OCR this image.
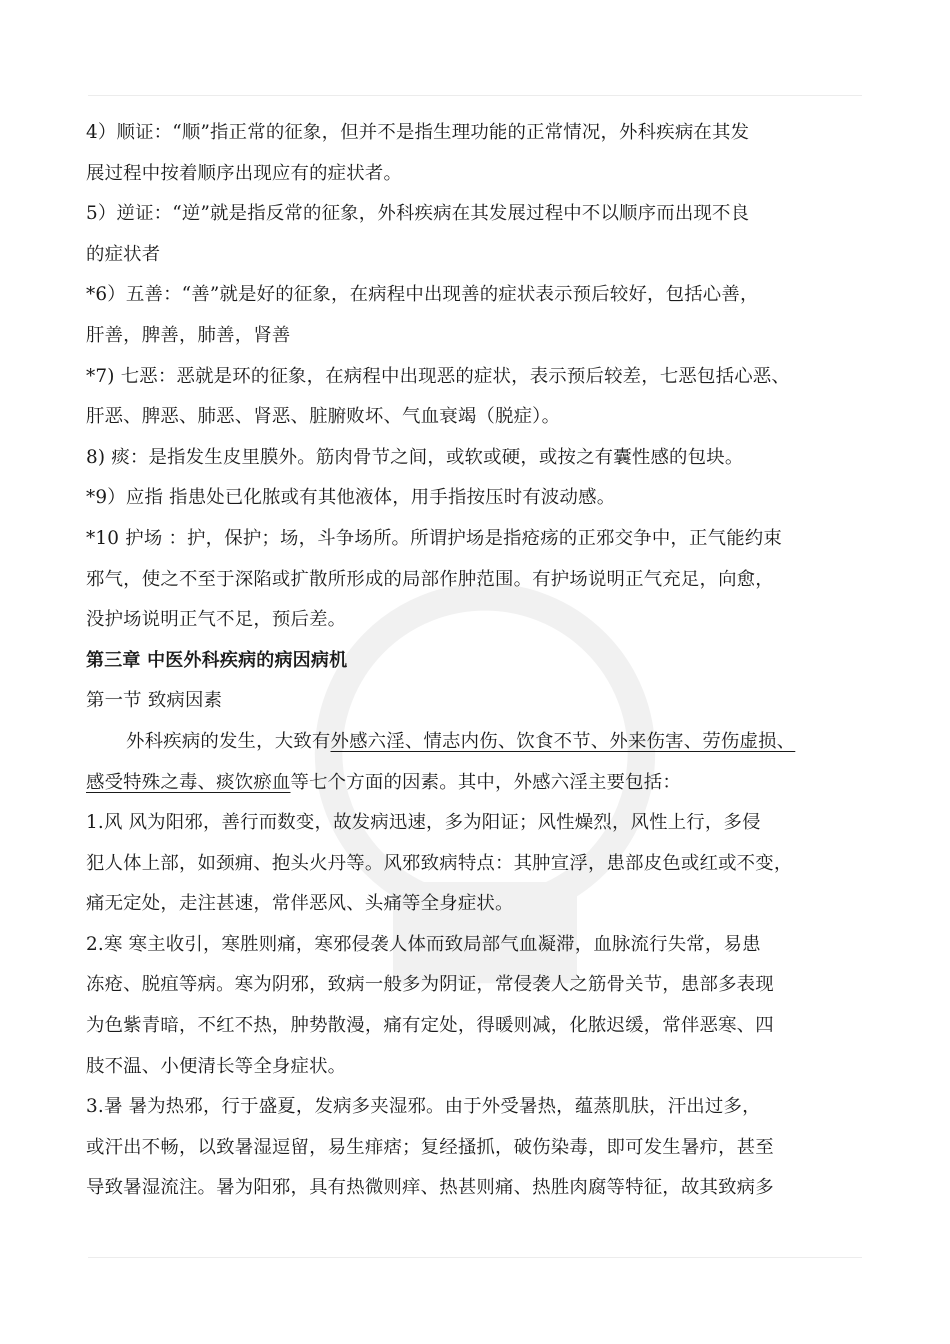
4）顺证：“顺”指正常的征象，但并不是指生理功能的正常情况，外科疾病在其发
展过程中按着顺序出现应有的症状者。
5）逆证：“逆”就是指反常的征象，外科疾病在其发展过程中不以顺序而出现不良
的症状者
*6）五善：“善”就是好的征象，在病程中出现善的症状表示预后较好，包括心善，
肝善，脾善，肺善，肾善
*7) 七恶：恶就是环的征象，在病程中出现恶的症状，表示预后较差，七恶包括心恶、
肝恶、脾恶、肺恶、肾恶、脏腑败坏、气血衰竭（脱症）。
8) 痰：是指发生皮里膜外。筋肉骨节之间，或软或硬，或按之有囊性感的包块。
*9）应指 指患处已化脓或有其他液体，用手指按压时有波动感。
*10 护场 ：护，保护；场，斗争场所。所谓护场是指疮疡的正邪交争中，正气能约束
邪气，使之不至于深陷或扩散所形成的局部作肿范围。有护场说明正气充足，向愈，
没护场说明正气不足，预后差。
第三章 中医外科疾病的病因病机
第一节 致病因素
外科疾病的发生，大致有外感六淫、情志内伤、饮食不节、外来伤害、劳伤虚损、
感受特殊之毒、痰饮瘀血等七个方面的因素。其中，外感六淫主要包括：
1.风 风为阳邪，善行而数变，故发病迅速，多为阳证；风性燥烈，风性上行，多侵
犯人体上部，如颈痈、抱头火丹等。风邪致病特点：其肿宣浮，患部皮色或红或不变，
痛无定处，走注甚速，常伴恶风、头痛等全身症状。
2.寒 寒主收引，寒胜则痛，寒邪侵袭人体而致局部气血凝滞，血脉流行失常，易患
冻疮、脱疽等病。寒为阴邪，致病一般多为阴证，常侵袭人之筋骨关节，患部多表现
为色紫青暗，不红不热，肿势散漫，痛有定处，得暖则减，化脓迟缓，常伴恶寒、四
肢不温、小便清长等全身症状。
3.暑 暑为热邪，行于盛夏，发病多夹湿邪。由于外受暑热，蕴蒸肌肤，汗出过多，
或汗出不畅，以致暑湿逗留，易生痱痞；复经搔抓，破伤染毒，即可发生暑疖，甚至
导致暑湿流注。暑为阳邪，具有热微则痒、热甚则痛、热胜肉腐等特征，故其致病多
